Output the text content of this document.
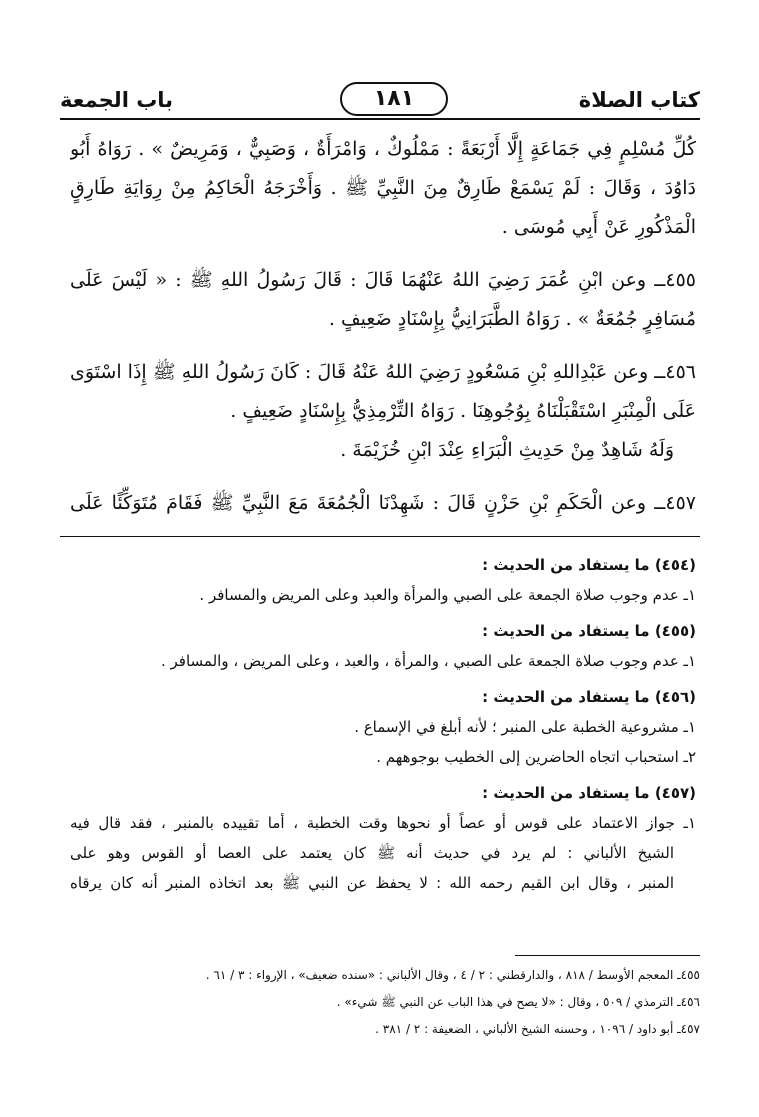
كتاب الصلاة
١٨١
باب الجمعة
كُلِّ مُسْلِمٍ فِي جَمَاعَةٍ إِلَّا أَرْبَعَةً : مَمْلُوكٌ ، وَامْرَأَةٌ ، وَصَبِيٌّ ، وَمَرِيضٌ » . رَوَاهُ أَبُو
دَاوُدَ ، وَقَالَ : لَمْ يَسْمَعْ طَارِقٌ مِنَ النَّبِيِّ ﷺ . وَأَخْرَجَهُ الْحَاكِمُ مِنْ رِوَايَةِ طَارِقٍ
الْمَذْكُورِ عَنْ أَبِي مُوسَى .
٤٥٥ــ وعن ابْنِ عُمَرَ رَضِيَ اللهُ عَنْهُمَا قَالَ : قَالَ رَسُولُ اللهِ ﷺ : « لَيْسَ عَلَى
مُسَافِرٍ جُمُعَةٌ » . رَوَاهُ الطَّبَرَانِيُّ بِإِسْنَادٍ ضَعِيفٍ .
٤٥٦ــ وعن عَبْدِاللهِ بْنِ مَسْعُودٍ رَضِيَ اللهُ عَنْهُ قَالَ : كَانَ رَسُولُ اللهِ ﷺ إِذَا اسْتَوَى
عَلَى الْمِنْبَرِ اسْتَقْبَلْنَاهُ بِوُجُوهِنَا . رَوَاهُ التِّرْمِذِيُّ بِإِسْنَادٍ ضَعِيفٍ .
وَلَهُ شَاهِدٌ مِنْ حَدِيثِ الْبَرَاءِ عِنْدَ ابْنِ خُزَيْمَةَ .
٤٥٧ــ وعن الْحَكَمِ بْنِ حَزْنٍ قَالَ : شَهِدْنَا الْجُمُعَةَ مَعَ النَّبِيِّ ﷺ فَقَامَ مُتَوَكِّئًا عَلَى
(٤٥٤) ما يستفاد من الحديث :
١ـ عدم وجوب صلاة الجمعة على الصبي والمرأة والعبد وعلى المريض والمسافر .
(٤٥٥) ما يستفاد من الحديث :
١ـ عدم وجوب صلاة الجمعة على الصبي ، والمرأة ، والعبد ، وعلى المريض ، والمسافر .
(٤٥٦) ما يستفاد من الحديث :
١ـ مشروعية الخطبة على المنبر ؛ لأنه أبلغ في الإسماع .
٢ـ استحباب اتجاه الحاضرين إلى الخطيب بوجوههم .
(٤٥٧) ما يستفاد من الحديث :
١ـ جواز الاعتماد على قوس أو عصاً أو نحوها وقت الخطبة ، أما تقييده بالمنبر ، فقد قال فيه
الشيخ الألباني : لم يرد في حديث أنه ﷺ كان يعتمد على العصا أو القوس وهو على
المنبر ، وقال ابن القيم رحمه الله : لا يحفظ عن النبي ﷺ بعد اتخاذه المنبر أنه كان يرقاه
٤٥٥ـ المعجم الأوسط / ٨١٨ ، والدارقطني : ٢ / ٤ ، وقال الألباني : «سنده ضعيف» ، الإرواء : ٣ / ٦١ .
٤٥٦ـ الترمذي / ٥٠٩ ، وقال : «لا يصح في هذا الباب عن النبي ﷺ شيء» .
٤٥٧ـ أبو داود / ١٠٩٦ ، وحسنه الشيخ الألباني ، الضعيفة : ٢ / ٣٨١ .
